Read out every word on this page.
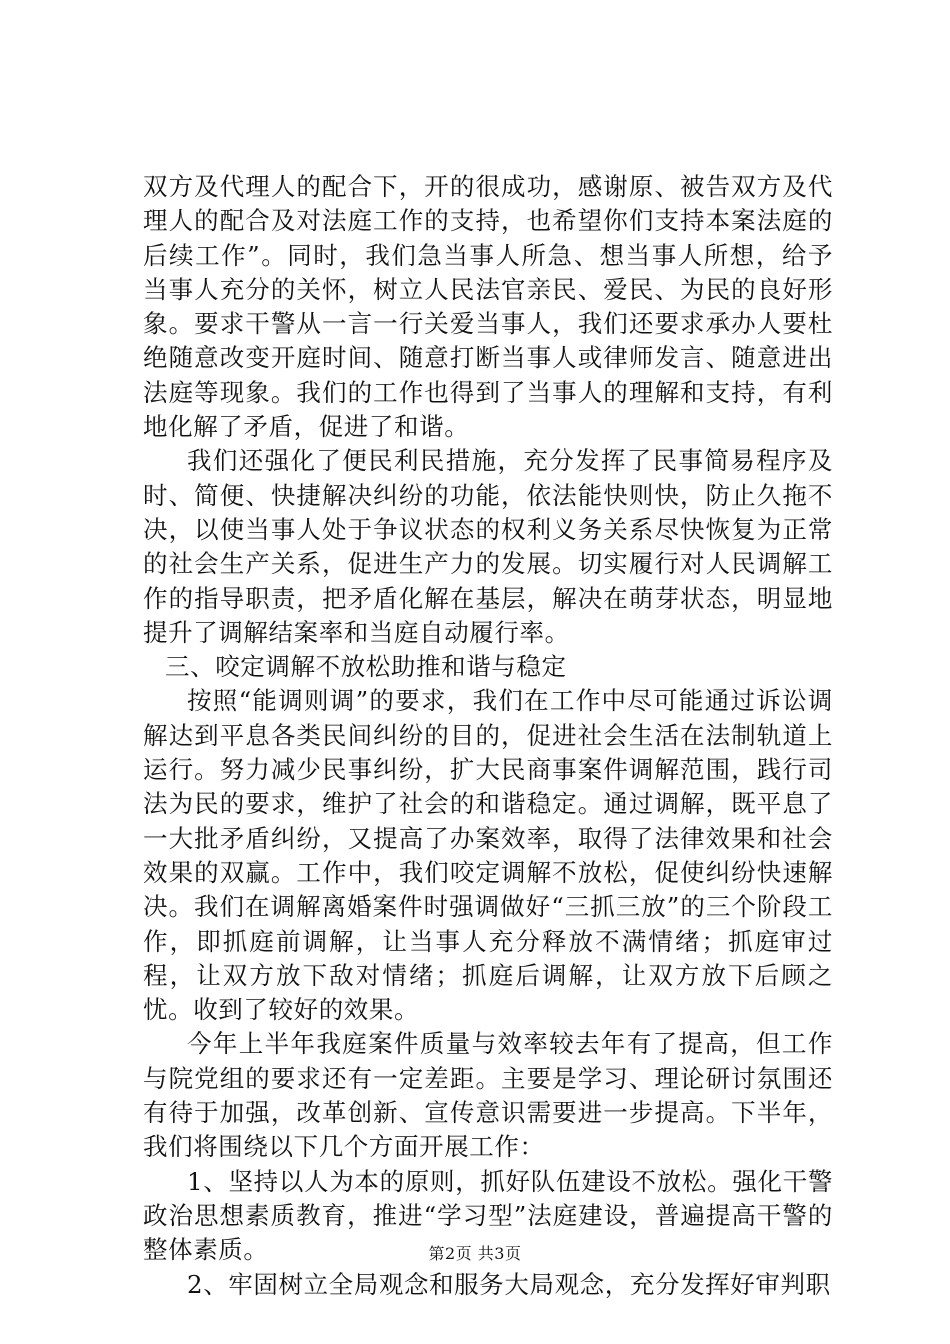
双方及代理人的配合下，开的很成功，感谢原、被告双方及代理人的配合及对法庭工作的支持，也希望你们支持本案法庭的后续工作”。同时，我们急当事人所急、想当事人所想，给予当事人充分的关怀，树立人民法官亲民、爱民、为民的良好形象。要求干警从一言一行关爱当事人，我们还要求承办人要杜绝随意改变开庭时间、随意打断当事人或律师发言、随意进出法庭等现象。我们的工作也得到了当事人的理解和支持，有利地化解了矛盾，促进了和谐。

我们还强化了便民利民措施，充分发挥了民事简易程序及时、简便、快捷解决纠纷的功能，依法能快则快，防止久拖不决，以使当事人处于争议状态的权利义务关系尽快恢复为正常的社会生产关系，促进生产力的发展。切实履行对人民调解工作的指导职责，把矛盾化解在基层，解决在萌芽状态，明显地提升了调解结案率和当庭自动履行率。

三、咬定调解不放松助推和谐与稳定

按照“能调则调”的要求，我们在工作中尽可能通过诉讼调解达到平息各类民间纠纷的目的，促进社会生活在法制轨道上运行。努力减少民事纠纷，扩大民商事案件调解范围，践行司法为民的要求，维护了社会的和谐稳定。通过调解，既平息了一大批矛盾纠纷，又提高了办案效率，取得了法律效果和社会效果的双赢。工作中，我们咬定调解不放松，促使纠纷快速解决。我们在调解离婚案件时强调做好“三抓三放”的三个阶段工作，即抓庭前调解，让当事人充分释放不满情绪；抓庭审过程，让双方放下敌对情绪；抓庭后调解，让双方放下后顾之忧。收到了较好的效果。

今年上半年我庭案件质量与效率较去年有了提高，但工作与院党组的要求还有一定差距。主要是学习、理论研讨氛围还有待于加强，改革创新、宣传意识需要进一步提高。下半年，我们将围绕以下几个方面开展工作：

1、坚持以人为本的原则，抓好队伍建设不放松。强化干警政治思想素质教育，推进“学习型”法庭建设，普遍提高干警的整体素质。

2、牢固树立全局观念和服务大局观念，充分发挥好审判职

第2页 共3页
